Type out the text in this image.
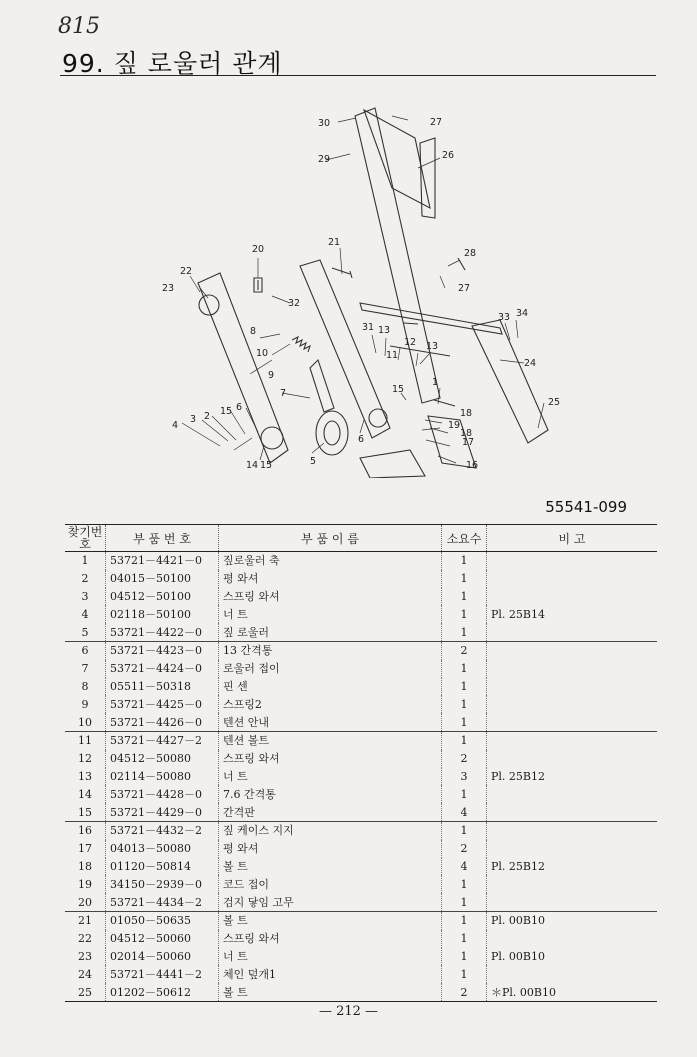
815
99. 짚 로울러 관계
30	27
26
29
20
21
28
27
22
23
32
8	31 13
12 13
11
10
9
7	15
1
18
19
18
17
16
33 34
24
25
5
6
6
15
2
3
4
14 15
55541-099
찾기번호	부 품 번 호	부 품 이 름	소요수	비 고
1	53721－4421－0	짚로울러 축	1	
2	04015－50100	평 와셔	1	
3	04512－50100	스프링 와셔	1	
4	02118－50100	너 트	1	Pl. 25B14
5	53721－4422－0	짚 로울러	1	
6	53721－4423－0	13 간격통	2	
7	53721－4424－0	로울러 접이	1	
8	05511－50318	핀 센	1	
9	53721－4425－0	스프링2	1	
10	53721－4426－0	텐션 안내	1	
11	53721－4427－2	텐션 볼트	1	
12	04512－50080	스프링 와셔	2	
13	02114－50080	너 트	3	Pl. 25B12
14	53721－4428－0	7.6 간격통	1	
15	53721－4429－0	간격판	4	
16	53721－4432－2	짚 케이스 지지	1	
17	04013－50080	평 와셔	2	
18	01120－50814	볼 트	4	Pl. 25B12
19	34150－2939－0	코드 접이	1	
20	53721－4434－2	검지 닿임 고무	1	
21	01050－50635	볼 트	1	Pl. 00B10
22	04512－50060	스프링 와셔	1	
23	02014－50060	너 트	1	Pl. 00B10
24	53721－4441－2	체인 덮개1	1	
25	01202－50612	볼 트	2	＊Pl. 00B10
— 212 —
